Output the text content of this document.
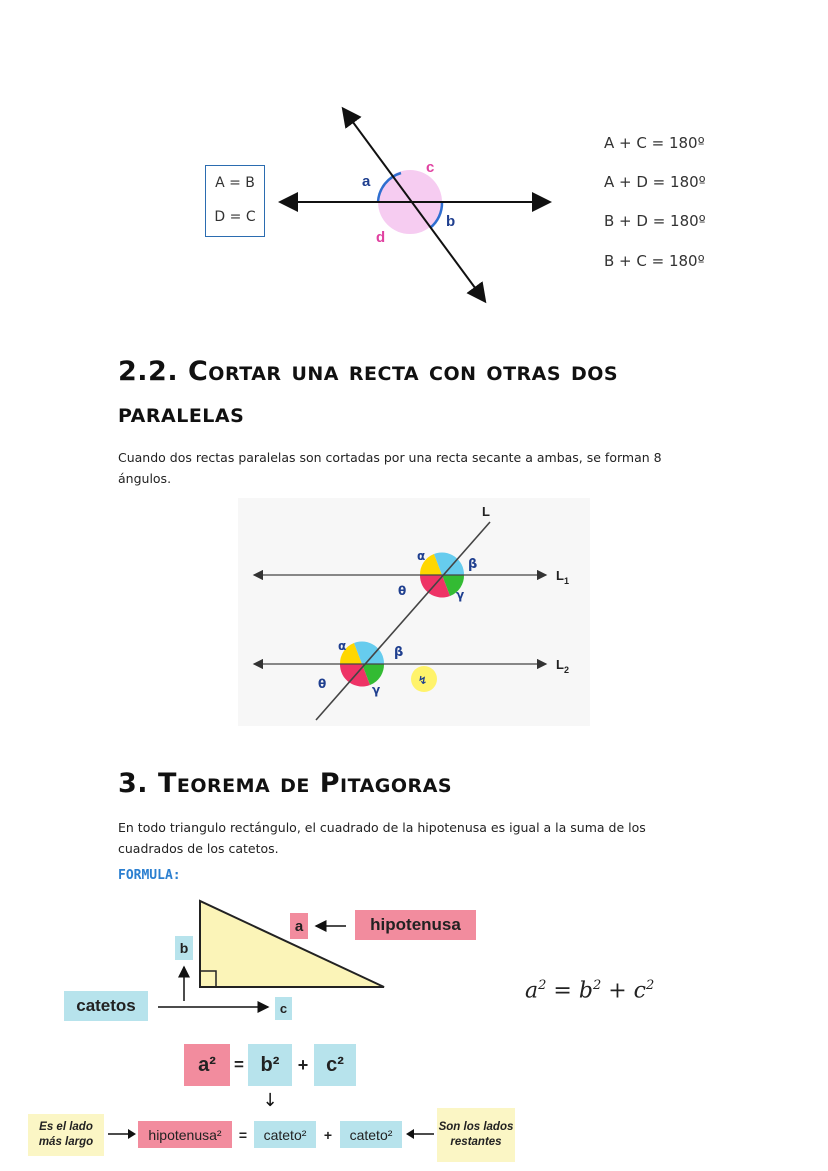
A = B
D = C
a
c
b
d
A + C = 180º
A + D = 180º
B + D = 180º
B + C = 180º
2.2. Cortar una recta con otras dos
paralelas
Cuando dos rectas paralelas son cortadas por una recta secante a ambas, se forman 8 ángulos.
L
$L_1$
$L_2$
α
β
θ	γ
α	β
θ	γ
↯
3. Teorema de Pitagoras
En todo triangulo rectángulo, el cuadrado de la hipotenusa es igual a la suma de los cuadrados de los catetos.
FORMULA:
a	hipotenusa
b
c
catetos
a²	= b²	+ c²
↓
Es el lado más largo	hipotenusa²	=	cateto²	+	cateto²	Son los lados restantes
$a^2 = b^2 + c^2$
